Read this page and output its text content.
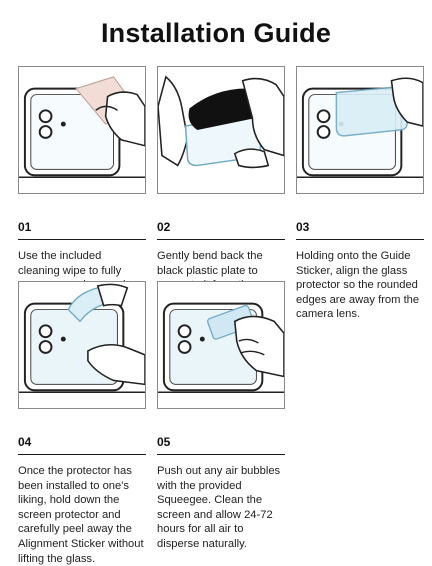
Installation Guide
01
Use the included cleaning wipe to fully
02
Gently bend back the black plastic plate to
03
Holding onto the Guide Sticker, align the glass protector so the rounded edges are away from the camera lens.
04
Once the protector has been installed to one's liking, hold down the screen protector and carefully peel away the Alignment Sticker without lifting the glass.
05
Push out any air bubbles with the provided Squeegee. Clean the screen and allow 24-72 hours for all air to disperse naturally.
